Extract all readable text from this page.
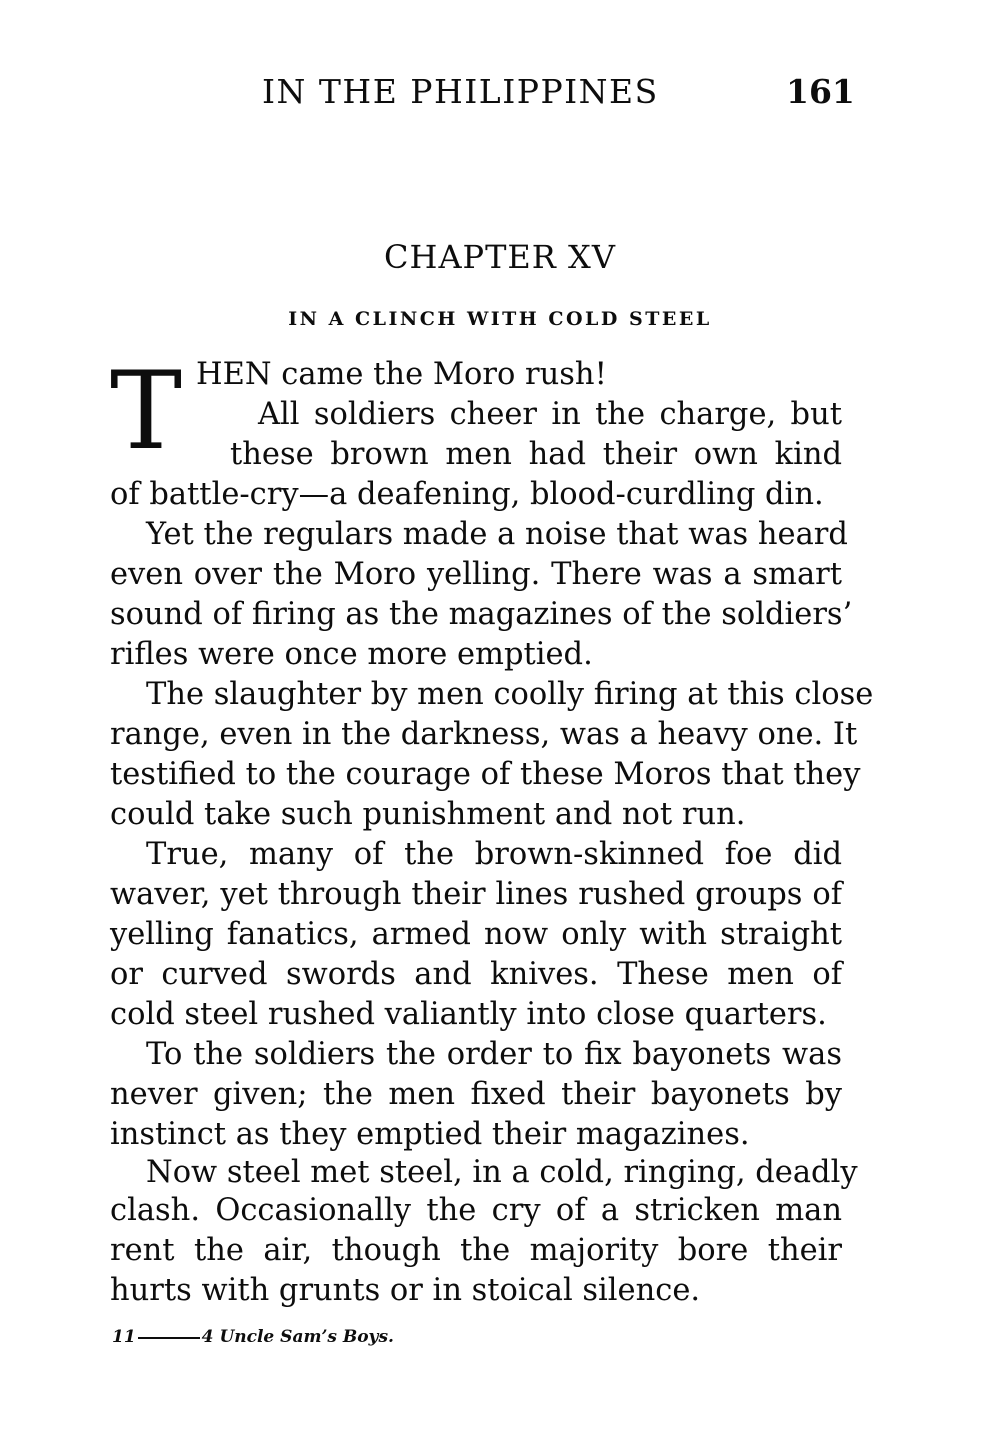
IN THE PHILIPPINES	161
CHAPTER XV
IN A CLINCH WITH COLD STEEL
T HEN came the Moro rush!
All soldiers cheer in the charge, but
these brown men had their own kind
of battle-cry—a deafening, blood-curdling din.
Yet the regulars made a noise that was heard
even over the Moro yelling. There was a smart
sound of firing as the magazines of the soldiers’
rifles were once more emptied.
The slaughter by men coolly firing at this close
range, even in the darkness, was a heavy one. It
testified to the courage of these Moros that they
could take such punishment and not run.
True, many of the brown-skinned foe did
waver, yet through their lines rushed groups of
yelling fanatics, armed now only with straight
or curved swords and knives. These men of
cold steel rushed valiantly into close quarters.
To the soldiers the order to fix bayonets was
never given; the men fixed their bayonets by
instinct as they emptied their magazines.
Now steel met steel, in a cold, ringing, deadly
clash. Occasionally the cry of a stricken man
rent the air, though the majority bore their
hurts with grunts or in stoical silence.
11	4 Uncle Sam’s Boys.
